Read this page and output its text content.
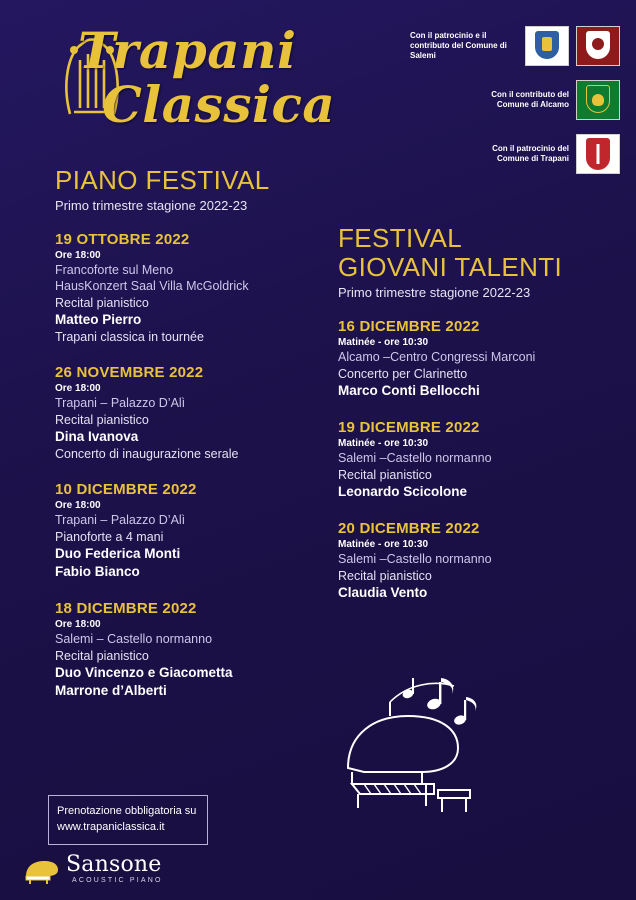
Trapani
Classica
Con il patrocinio e il contributo del Comune di Salemi
Con il contributo del Comune di Alcamo
Con il patrocinio del Comune di Trapani
PIANO FESTIVAL
Primo trimestre stagione 2022-23
19 OTTOBRE 2022
Ore 18:00
Francoforte sul Meno
HausKonzert Saal Villa McGoldrick
Recital pianistico
Matteo Pierro
Trapani classica in tournée
26 NOVEMBRE 2022
Ore 18:00
Trapani – Palazzo D’Alì
Recital pianistico
Dina Ivanova
Concerto di inaugurazione serale
10 DICEMBRE 2022
Ore 18:00
Trapani – Palazzo D’Alì
Pianoforte a 4 mani
Duo Federica Monti
Fabio Bianco
18 DICEMBRE 2022
Ore 18:00
Salemi – Castello normanno
Recital pianistico
Duo Vincenzo e Giacometta
Marrone d’Alberti
FESTIVAL
GIOVANI TALENTI
Primo trimestre stagione 2022-23
16 DICEMBRE 2022
Matinée - ore 10:30
Alcamo –Centro Congressi Marconi
Concerto per Clarinetto
Marco Conti Bellocchi
19 DICEMBRE 2022
Matinée - ore 10:30
Salemi –Castello normanno
Recital pianistico
Leonardo Scicolone
20 DICEMBRE 2022
Matinée - ore 10:30
Salemi –Castello normanno
Recital pianistico
Claudia Vento
Prenotazione obbligatoria su
www.trapaniclassica.it
Sansone
ACOUSTIC PIANO
